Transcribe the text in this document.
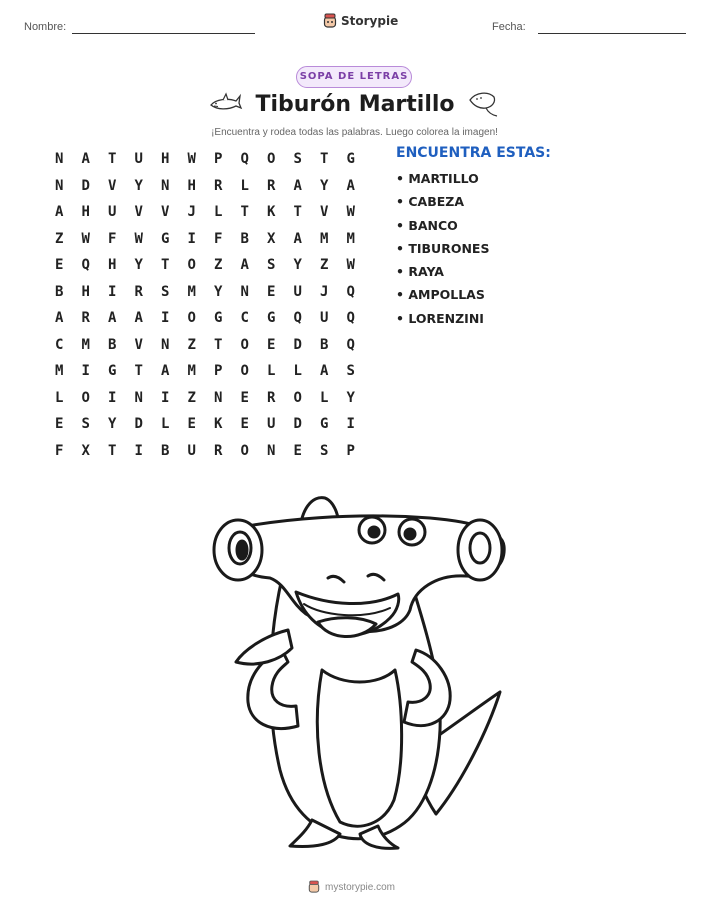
Nombre:	Storypie	Fecha:
SOPA DE LETRAS
Tiburón Martillo
¡Encuentra y rodea todas las palabras. Luego colorea la imagen!
N	A	T	U	H	W	P	Q	O	S	T	G
N	D	V	Y	N	H	R	L	R	A	Y	A
A	H	U	V	V	J	L	T	K	T	V	W
Z	W	F	W	G	I	F	B	X	A	M	M
E	Q	H	Y	T	O	Z	A	S	Y	Z	W
B	H	I	R	S	M	Y	N	E	U	J	Q
A	R	A	A	I	O	G	C	G	Q	U	Q
C	M	B	V	N	Z	T	O	E	D	B	Q
M	I	G	T	A	M	P	O	L	L	A	S
L	O	I	N	I	Z	N	E	R	O	L	Y
E	S	Y	D	L	E	K	E	U	D	G	I
F	X	T	I	B	U	R	O	N	E	S	P
ENCUENTRA ESTAS:
• MARTILLO
• CABEZA
• BANCO
• TIBURONES
• RAYA
• AMPOLLAS
• LORENZINI
mystorypie.com
